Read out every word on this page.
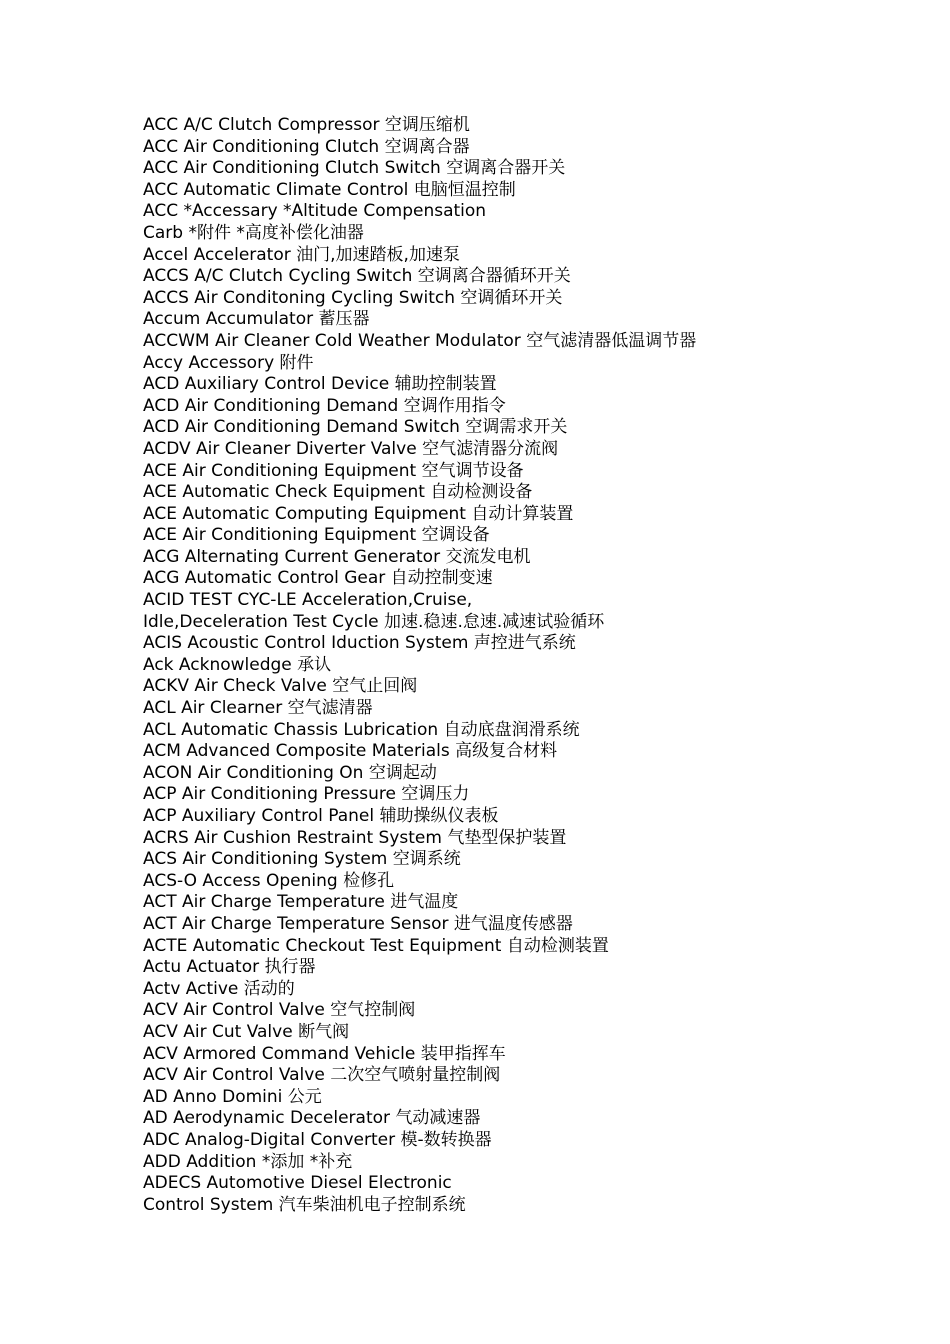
ACC A/C Clutch Compressor 空调压缩机
ACC Air Conditioning Clutch 空调离合器
ACC Air Conditioning Clutch Switch 空调离合器开关
ACC Automatic Climate Control 电脑恒温控制
ACC *Accessary *Altitude Compensation
Carb *附件 *高度补偿化油器
Accel Accelerator 油门,加速踏板,加速泵
ACCS A/C Clutch Cycling Switch 空调离合器循环开关
ACCS Air Conditoning Cycling Switch 空调循环开关
Accum Accumulator 蓄压器
ACCWM Air Cleaner Cold Weather Modulator 空气滤清器低温调节器
Accy Accessory 附件
ACD Auxiliary Control Device 辅助控制装置
ACD Air Conditioning Demand 空调作用指令
ACD Air Conditioning Demand Switch 空调需求开关
ACDV Air Cleaner Diverter Valve 空气滤清器分流阀
ACE Air Conditioning Equipment 空气调节设备
ACE Automatic Check Equipment 自动检测设备
ACE Automatic Computing Equipment 自动计算装置
ACE Air Conditioning Equipment 空调设备
ACG Alternating Current Generator 交流发电机
ACG Automatic Control Gear 自动控制变速
ACID TEST CYC-LE Acceleration,Cruise,
Idle,Deceleration Test Cycle 加速.稳速.怠速.减速试验循环
ACIS Acoustic Control Iduction System 声控进气系统
Ack Acknowledge 承认
ACKV Air Check Valve 空气止回阀
ACL Air Clearner 空气滤清器
ACL Automatic Chassis Lubrication 自动底盘润滑系统
ACM Advanced Composite Materials 高级复合材料
ACON Air Conditioning On 空调起动
ACP Air Conditioning Pressure 空调压力
ACP Auxiliary Control Panel 辅助操纵仪表板
ACRS Air Cushion Restraint System 气垫型保护装置
ACS Air Conditioning System 空调系统
ACS-O Access Opening 检修孔
ACT Air Charge Temperature 进气温度
ACT Air Charge Temperature Sensor 进气温度传感器
ACTE Automatic Checkout Test Equipment 自动检测装置
Actu Actuator 执行器
Actv Active 活动的
ACV Air Control Valve 空气控制阀
ACV Air Cut Valve 断气阀
ACV Armored Command Vehicle 装甲指挥车
ACV Air Control Valve 二次空气喷射量控制阀
AD Anno Domini 公元
AD Aerodynamic Decelerator 气动减速器
ADC Analog-Digital Converter 模-数转换器
ADD Addition *添加 *补充
ADECS Automotive Diesel Electronic
Control System 汽车柴油机电子控制系统
